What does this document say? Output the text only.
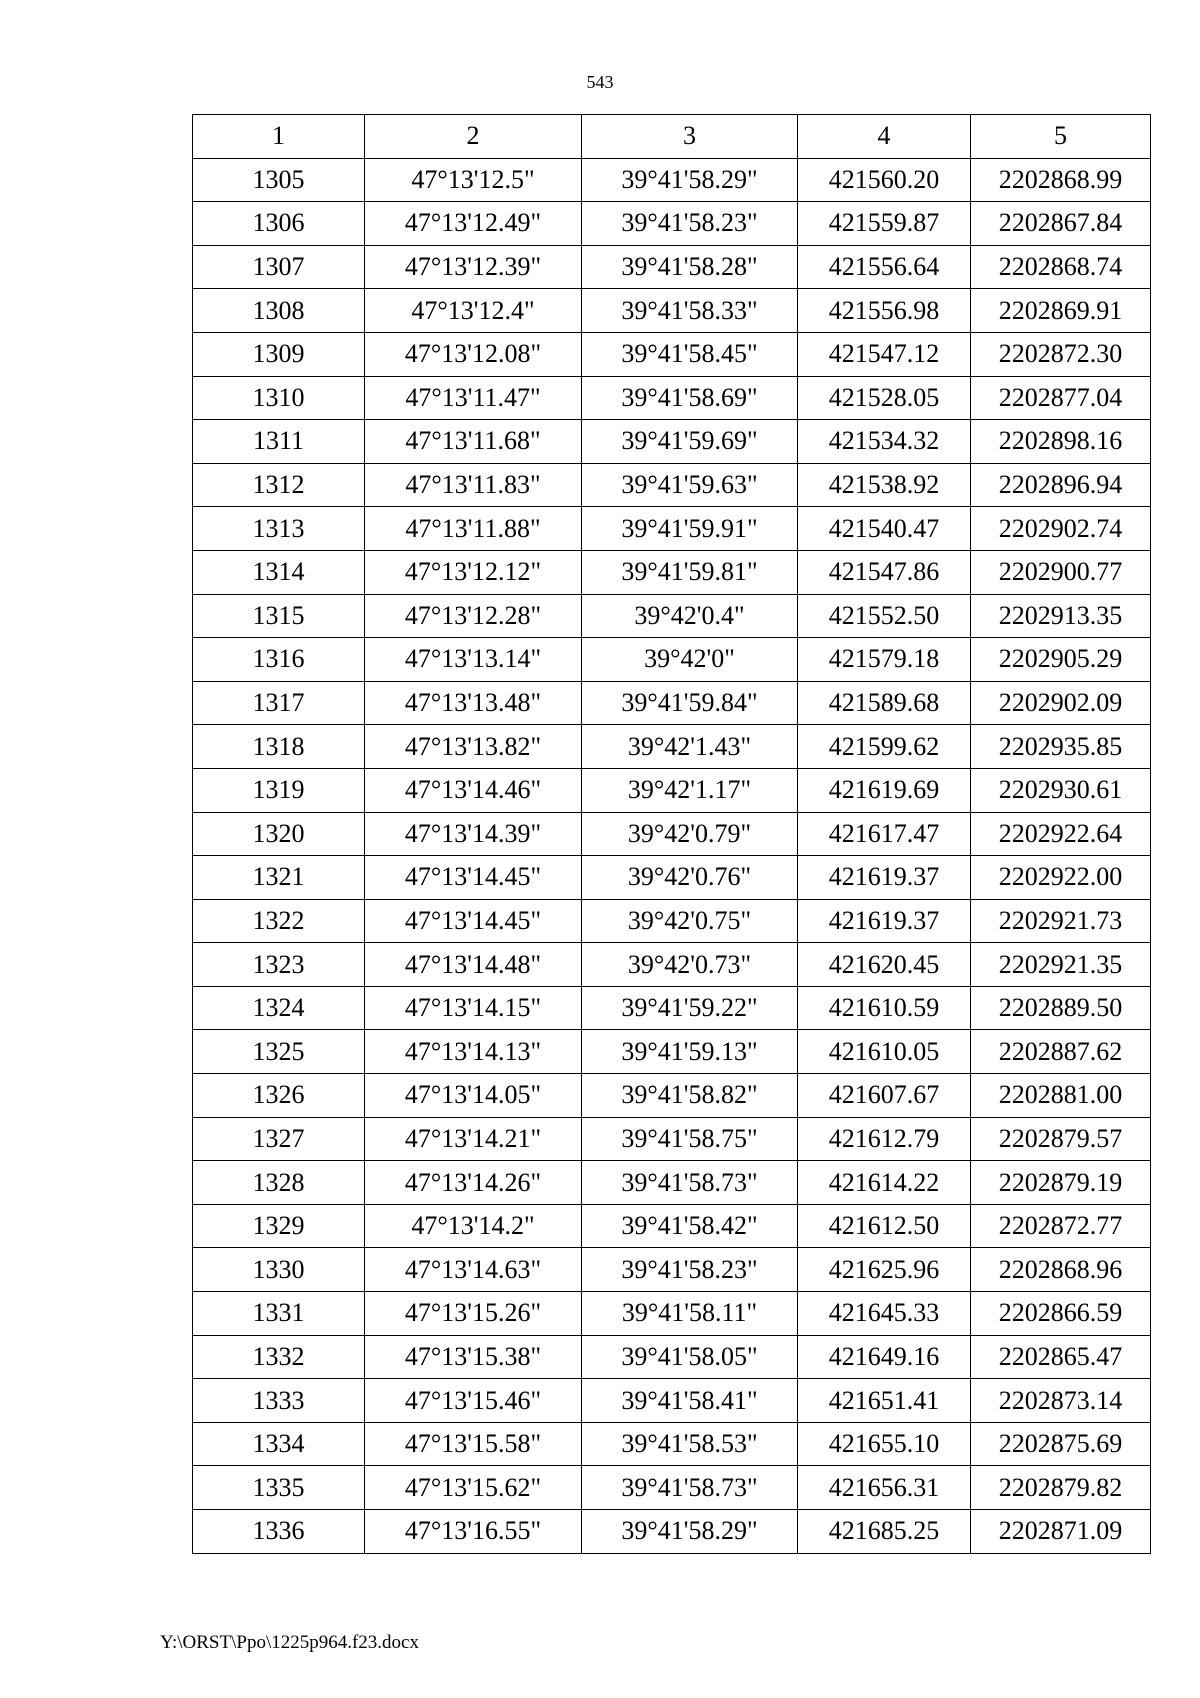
543
1	2	3	4	5
1305	47°13'12.5"	39°41'58.29"	421560.20	2202868.99
1306	47°13'12.49"	39°41'58.23"	421559.87	2202867.84
1307	47°13'12.39"	39°41'58.28"	421556.64	2202868.74
1308	47°13'12.4"	39°41'58.33"	421556.98	2202869.91
1309	47°13'12.08"	39°41'58.45"	421547.12	2202872.30
1310	47°13'11.47"	39°41'58.69"	421528.05	2202877.04
1311	47°13'11.68"	39°41'59.69"	421534.32	2202898.16
1312	47°13'11.83"	39°41'59.63"	421538.92	2202896.94
1313	47°13'11.88"	39°41'59.91"	421540.47	2202902.74
1314	47°13'12.12"	39°41'59.81"	421547.86	2202900.77
1315	47°13'12.28"	39°42'0.4"	421552.50	2202913.35
1316	47°13'13.14"	39°42'0"	421579.18	2202905.29
1317	47°13'13.48"	39°41'59.84"	421589.68	2202902.09
1318	47°13'13.82"	39°42'1.43"	421599.62	2202935.85
1319	47°13'14.46"	39°42'1.17"	421619.69	2202930.61
1320	47°13'14.39"	39°42'0.79"	421617.47	2202922.64
1321	47°13'14.45"	39°42'0.76"	421619.37	2202922.00
1322	47°13'14.45"	39°42'0.75"	421619.37	2202921.73
1323	47°13'14.48"	39°42'0.73"	421620.45	2202921.35
1324	47°13'14.15"	39°41'59.22"	421610.59	2202889.50
1325	47°13'14.13"	39°41'59.13"	421610.05	2202887.62
1326	47°13'14.05"	39°41'58.82"	421607.67	2202881.00
1327	47°13'14.21"	39°41'58.75"	421612.79	2202879.57
1328	47°13'14.26"	39°41'58.73"	421614.22	2202879.19
1329	47°13'14.2"	39°41'58.42"	421612.50	2202872.77
1330	47°13'14.63"	39°41'58.23"	421625.96	2202868.96
1331	47°13'15.26"	39°41'58.11"	421645.33	2202866.59
1332	47°13'15.38"	39°41'58.05"	421649.16	2202865.47
1333	47°13'15.46"	39°41'58.41"	421651.41	2202873.14
1334	47°13'15.58"	39°41'58.53"	421655.10	2202875.69
1335	47°13'15.62"	39°41'58.73"	421656.31	2202879.82
1336	47°13'16.55"	39°41'58.29"	421685.25	2202871.09
Y:\ORST\Ppo\1225p964.f23.docx
